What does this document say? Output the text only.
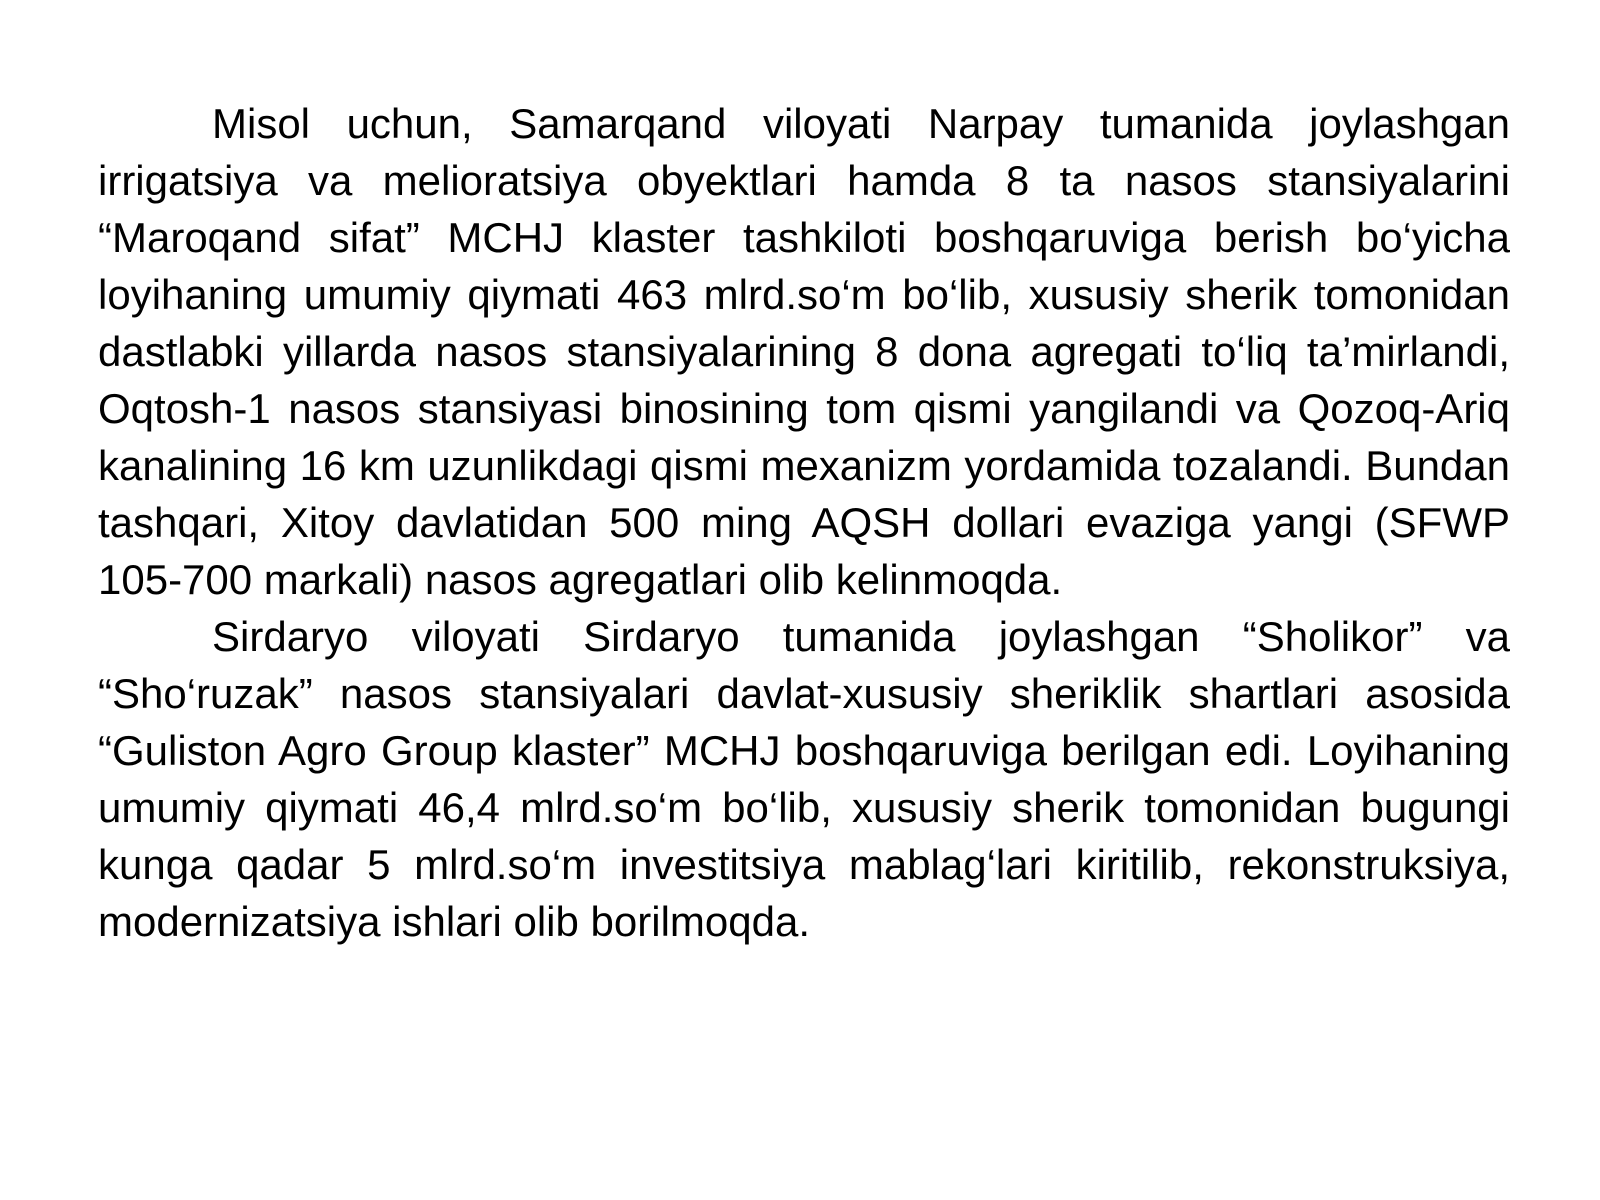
Misol uchun, Samarqand viloyati Narpay tumanida joylashgan irrigatsiya va melioratsiya obyektlari hamda 8 ta nasos stansiyalarini “Maroqand sifat” MCHJ klaster tashkiloti boshqaruviga berish bo‘yicha loyihaning umumiy qiymati 463 mlrd.so‘m bo‘lib, xususiy sherik tomonidan dastlabki yillarda nasos stansiyalarining 8 dona agregati to‘liq ta’mirlandi, Oqtosh-1 nasos stansiyasi binosining tom qismi yangilandi va Qozoq-Ariq kanalining 16 km uzunlikdagi qismi mexanizm yordamida tozalandi. Bundan tashqari, Xitoy davlatidan 500 ming AQSH dollari evaziga yangi (SFWP 105-700 markali) nasos agregatlari olib kelinmoqda.

Sirdaryo viloyati Sirdaryo tumanida joylashgan “Sholikor” va “Sho‘ruzak” nasos stansiyalari davlat-xususiy sheriklik shartlari asosida “Guliston Agro Group klaster” MCHJ boshqaruviga berilgan edi. Loyihaning umumiy qiymati 46,4 mlrd.so‘m bo‘lib, xususiy sherik tomonidan bugungi kunga qadar 5 mlrd.so‘m investitsiya mablag‘lari kiritilib, rekonstruksiya, modernizatsiya ishlari olib borilmoqda.
